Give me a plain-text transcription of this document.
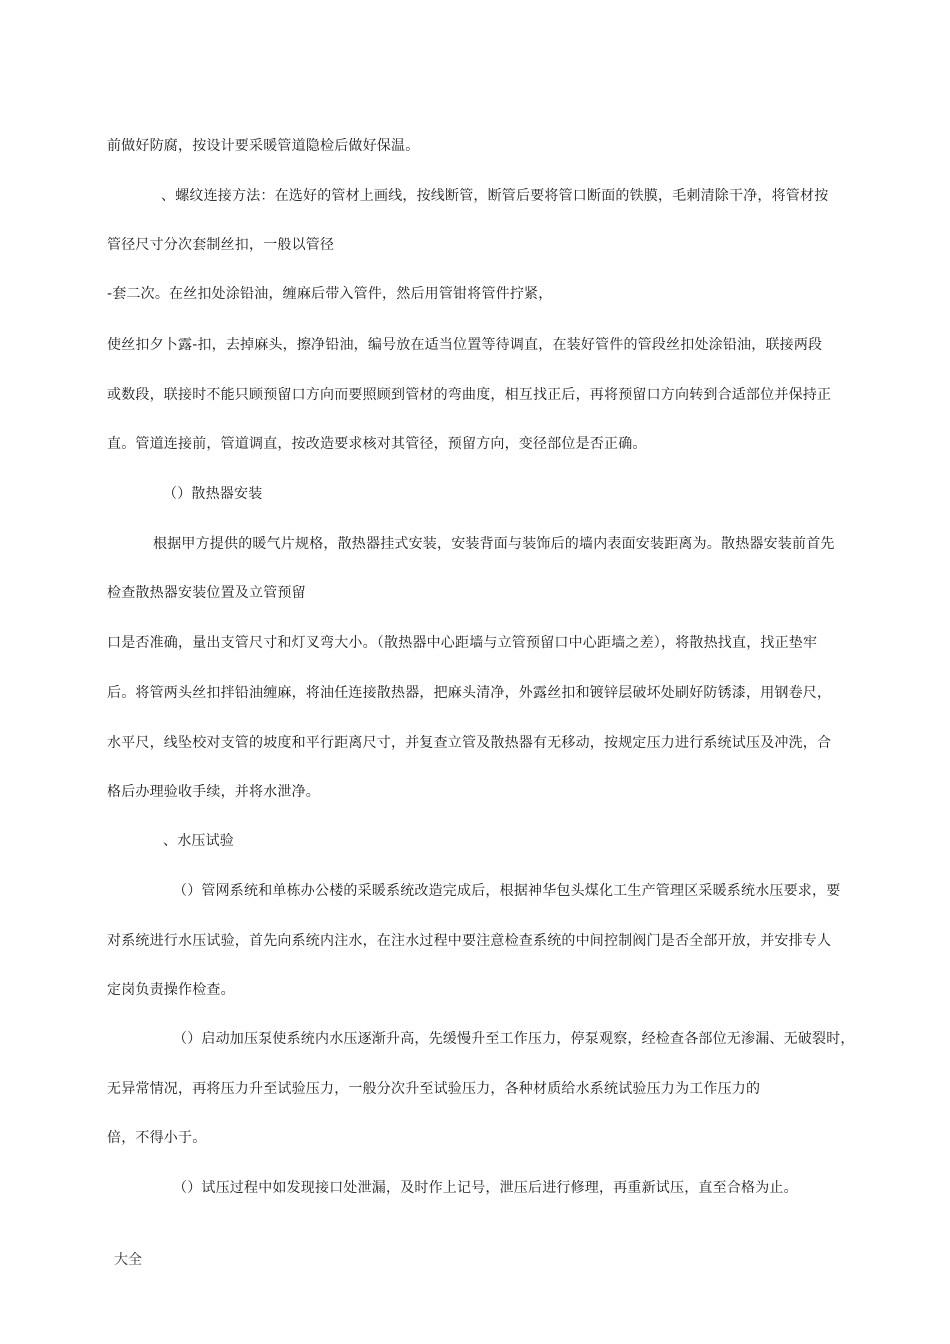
前做好防腐，按设计要采暖管道隐检后做好保温。
、螺纹连接方法：在选好的管材上画线，按线断管，断管后要将管口断面的铁膜，毛刺清除干净，将管材按
管径尺寸分次套制丝扣，一般以管径
-套二次。在丝扣处涂铅油，缠麻后带入管件，然后用管钳将管件拧紧，
使丝扣夕卜露-扣，去掉麻头，擦净铅油，编号放在适当位置等待调直，在装好管件的管段丝扣处涂铅油，联接两段
或数段，联接时不能只顾预留口方向而要照顾到管材的弯曲度，相互找正后，再将预留口方向转到合适部位并保持正
直。管道连接前，管道调直，按改造要求核对其管径，预留方向，变径部位是否正确。
（）散热器安装
根据甲方提供的暖气片规格，散热器挂式安装，安装背面与装饰后的墙内表面安装距离为。散热器安装前首先
检查散热器安装位置及立管预留
口是否准确，量出支管尺寸和灯叉弯大小。（散热器中心距墙与立管预留口中心距墙之差），将散热找直，找正垫牢
后。将管两头丝扣拌铅油缠麻，将油任连接散热器，把麻头清净，外露丝扣和镀锌层破坏处刷好防锈漆，用钢卷尺，
水平尺，线坠校对支管的坡度和平行距离尺寸，并复查立管及散热器有无移动，按规定压力进行系统试压及冲洗，合
格后办理验收手续，并将水泄净。
、水压试验
（）管网系统和单栋办公楼的采暖系统改造完成后，根据神华包头煤化工生产管理区采暖系统水压要求，要
对系统进行水压试验，首先向系统内注水，在注水过程中要注意检查系统的中间控制阀门是否全部开放，并安排专人
定岗负责操作检查。
（）启动加压泵使系统内水压逐渐升高，先缓慢升至工作压力，停泵观察，经检查各部位无渗漏、无破裂时，
无异常情况，再将压力升至试验压力，一般分次升至试验压力，各种材质给水系统试验压力为工作压力的
倍，不得小于。
（）试压过程中如发现接口处泄漏，及时作上记号，泄压后进行修理，再重新试压，直至合格为止。
大全
